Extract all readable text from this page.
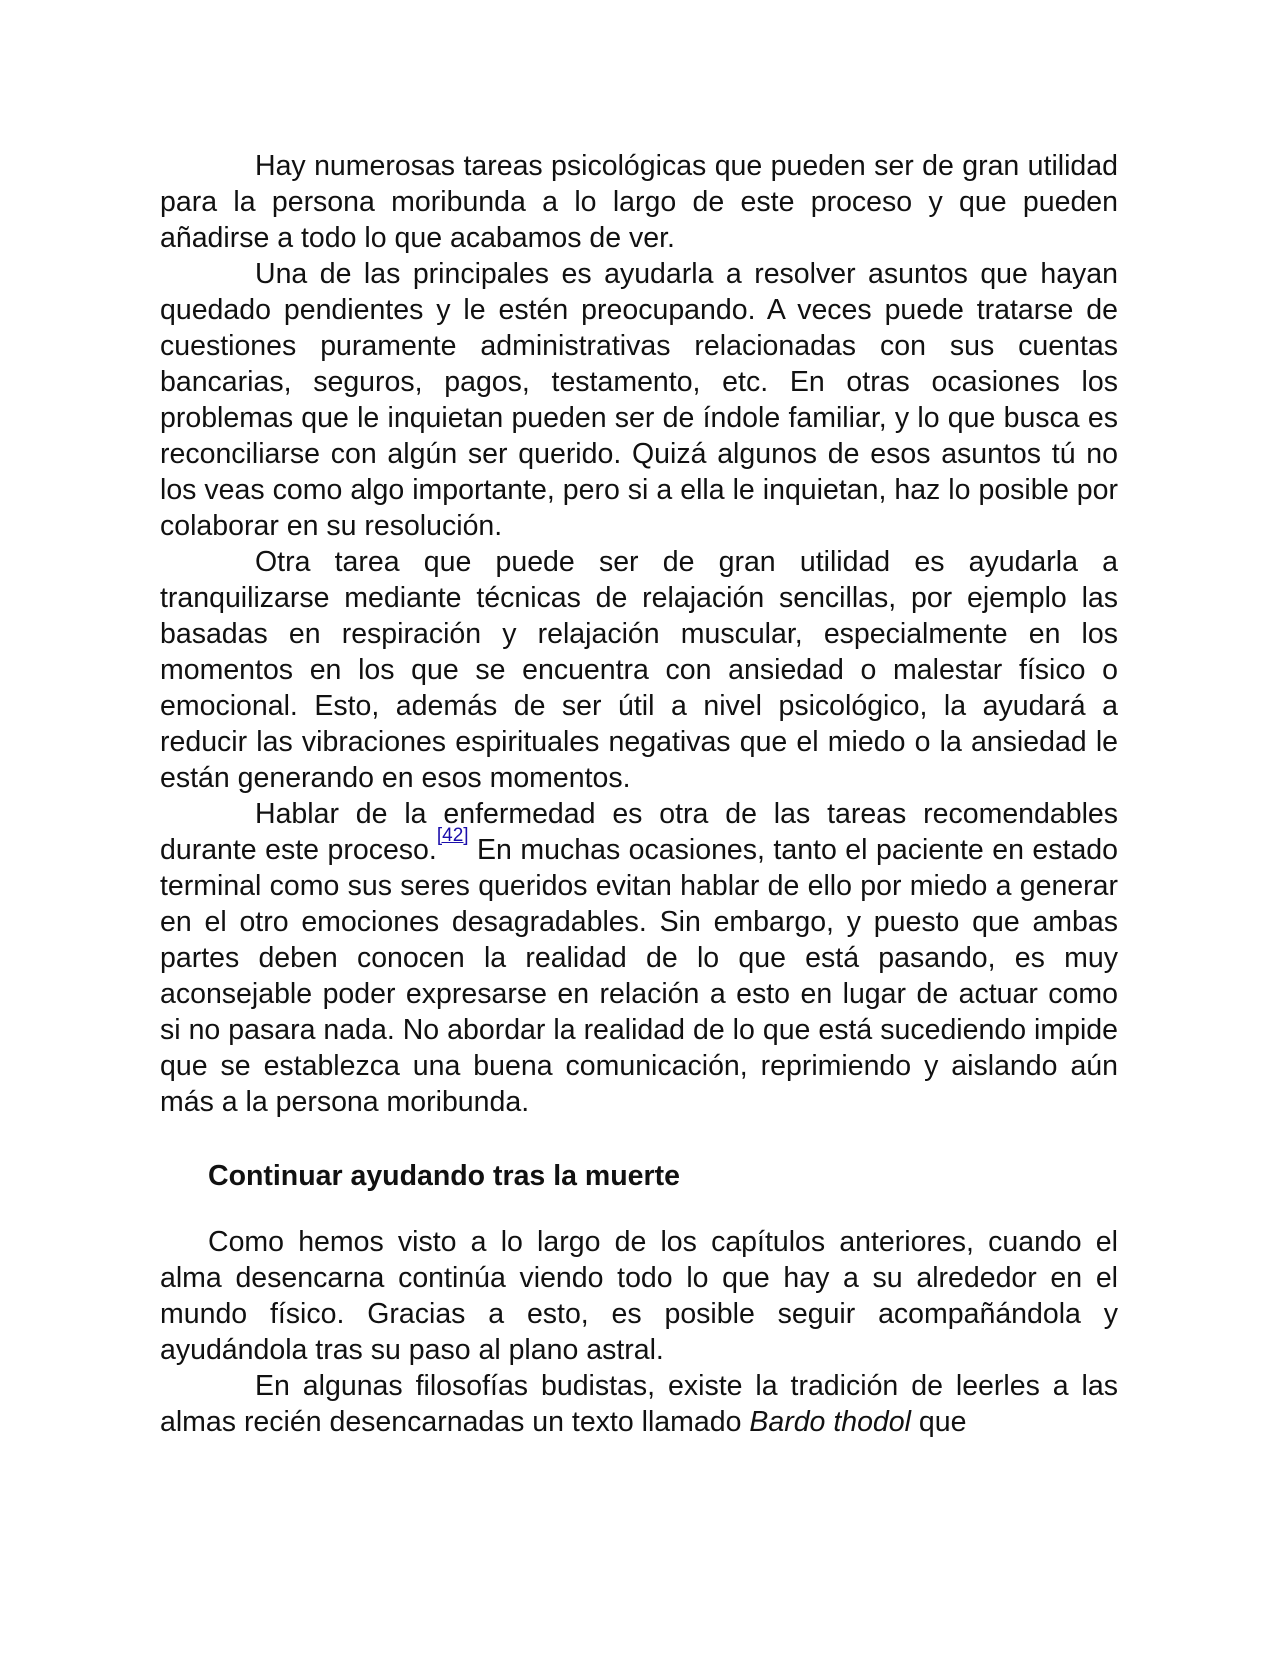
Hay numerosas tareas psicológicas que pueden ser de gran utilidad para la persona moribunda a lo largo de este proceso y que pueden añadirse a todo lo que acabamos de ver.

Una de las principales es ayudarla a resolver asuntos que hayan quedado pendientes y le estén preocupando. A veces puede tratarse de cuestiones puramente administrativas relacionadas con sus cuentas bancarias, seguros, pagos, testamento, etc. En otras ocasiones los problemas que le inquietan pueden ser de índole familiar, y lo que busca es reconciliarse con algún ser querido. Quizá algunos de esos asuntos tú no los veas como algo importante, pero si a ella le inquietan, haz lo posible por colaborar en su resolución.

Otra tarea que puede ser de gran utilidad es ayudarla a tranquilizarse mediante técnicas de relajación sencillas, por ejemplo las basadas en respiración y relajación muscular, especialmente en los momentos en los que se encuentra con ansiedad o malestar físico o emocional. Esto, además de ser útil a nivel psicológico, la ayudará a reducir las vibraciones espirituales negativas que el miedo o la ansiedad le están generando en esos momentos.

Hablar de la enfermedad es otra de las tareas recomendables durante este proceso.[42] En muchas ocasiones, tanto el paciente en estado terminal como sus seres queridos evitan hablar de ello por miedo a generar en el otro emociones desagradables. Sin embargo, y puesto que ambas partes deben conocen la realidad de lo que está pasando, es muy aconsejable poder expresarse en relación a esto en lugar de actuar como si no pasara nada. No abordar la realidad de lo que está sucediendo impide que se establezca una buena comunicación, reprimiendo y aislando aún más a la persona moribunda.

Continuar ayudando tras la muerte

Como hemos visto a lo largo de los capítulos anteriores, cuando el alma desencarna continúa viendo todo lo que hay a su alrededor en el mundo físico. Gracias a esto, es posible seguir acompañándola y ayudándola tras su paso al plano astral.

En algunas filosofías budistas, existe la tradición de leerles a las almas recién desencarnadas un texto llamado Bardo thodol que
